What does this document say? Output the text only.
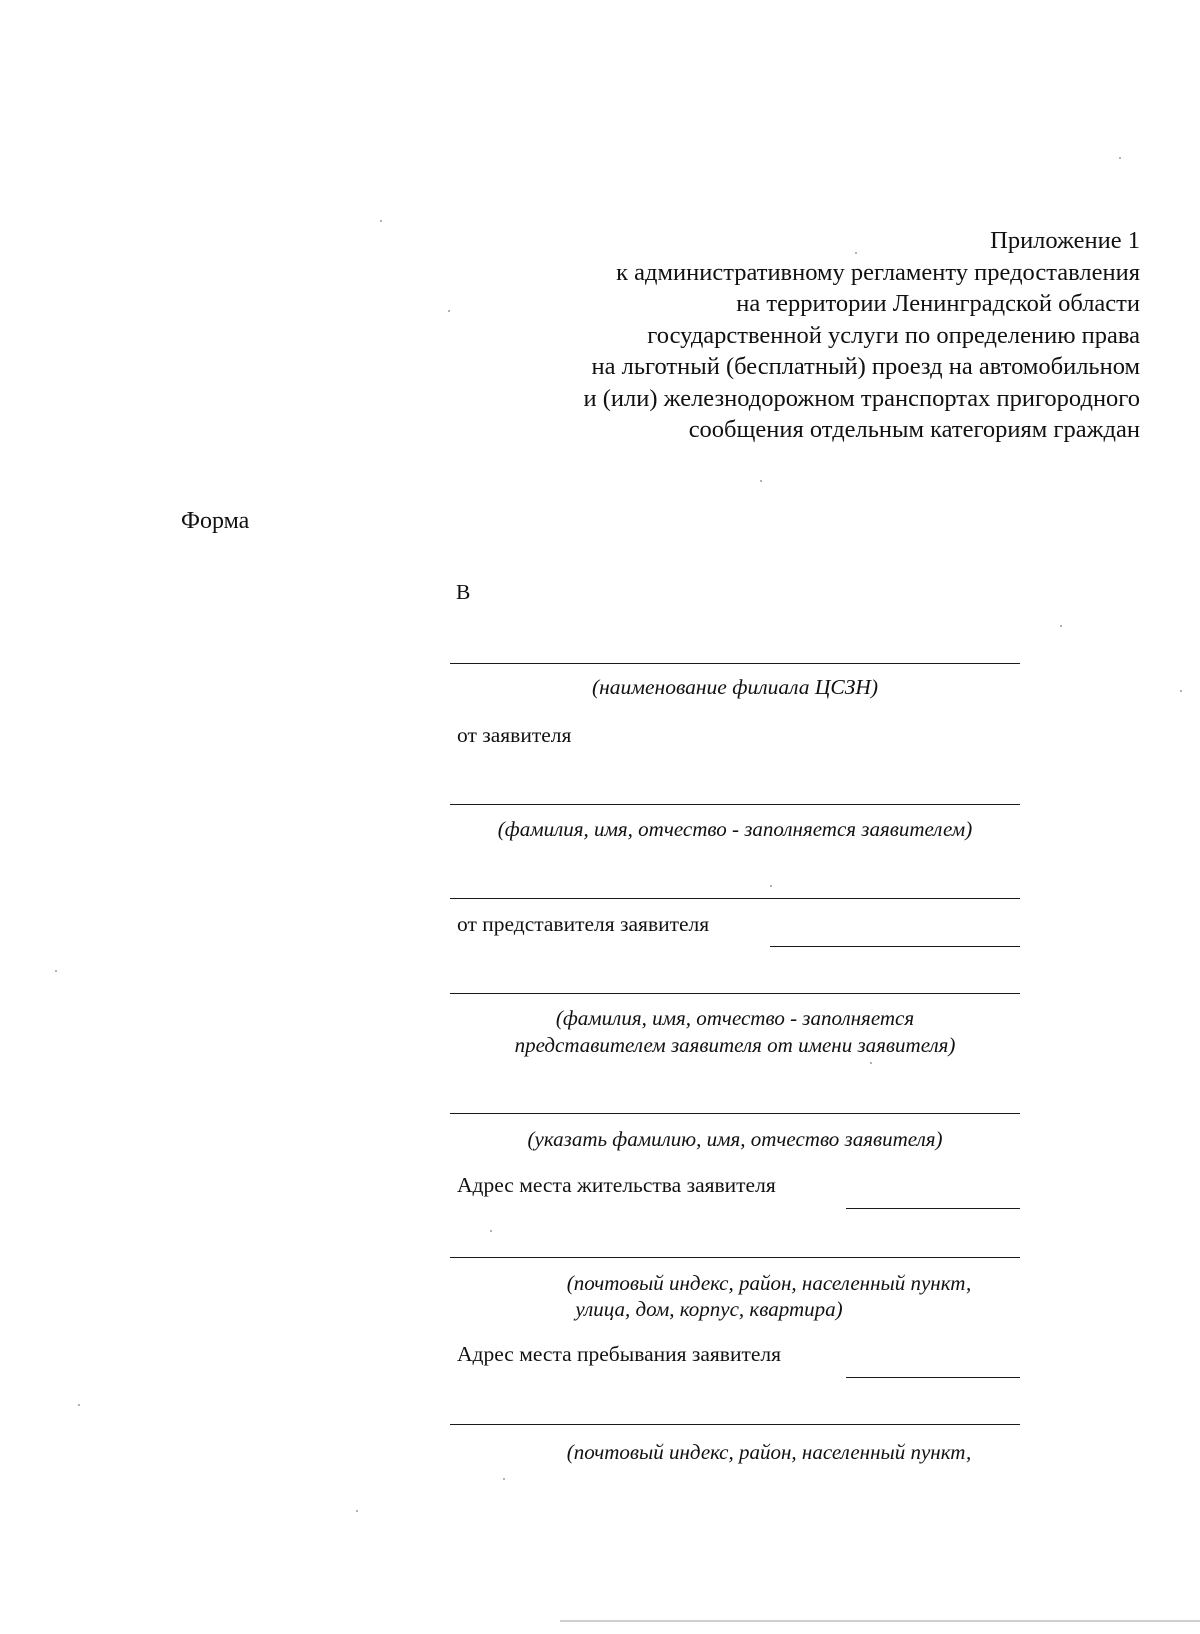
Приложение 1
к административному регламенту предоставления
на территории Ленинградской области
государственной услуги по определению права
на льготный (бесплатный) проезд на автомобильном
и (или) железнодорожном транспортах пригородного
сообщения отдельным категориям граждан
Форма
В
(наименование филиала ЦСЗН)
от заявителя
(фамилия, имя, отчество - заполняется заявителем)
от представителя заявителя
(фамилия, имя, отчество - заполняется
представителем заявителя от имени заявителя)
(указать фамилию, имя, отчество заявителя)
Адрес места жительства заявителя
(почтовый индекс, район, населенный пункт,
улица, дом, корпус, квартира)
Адрес места пребывания заявителя
(почтовый индекс, район, населенный пункт,
